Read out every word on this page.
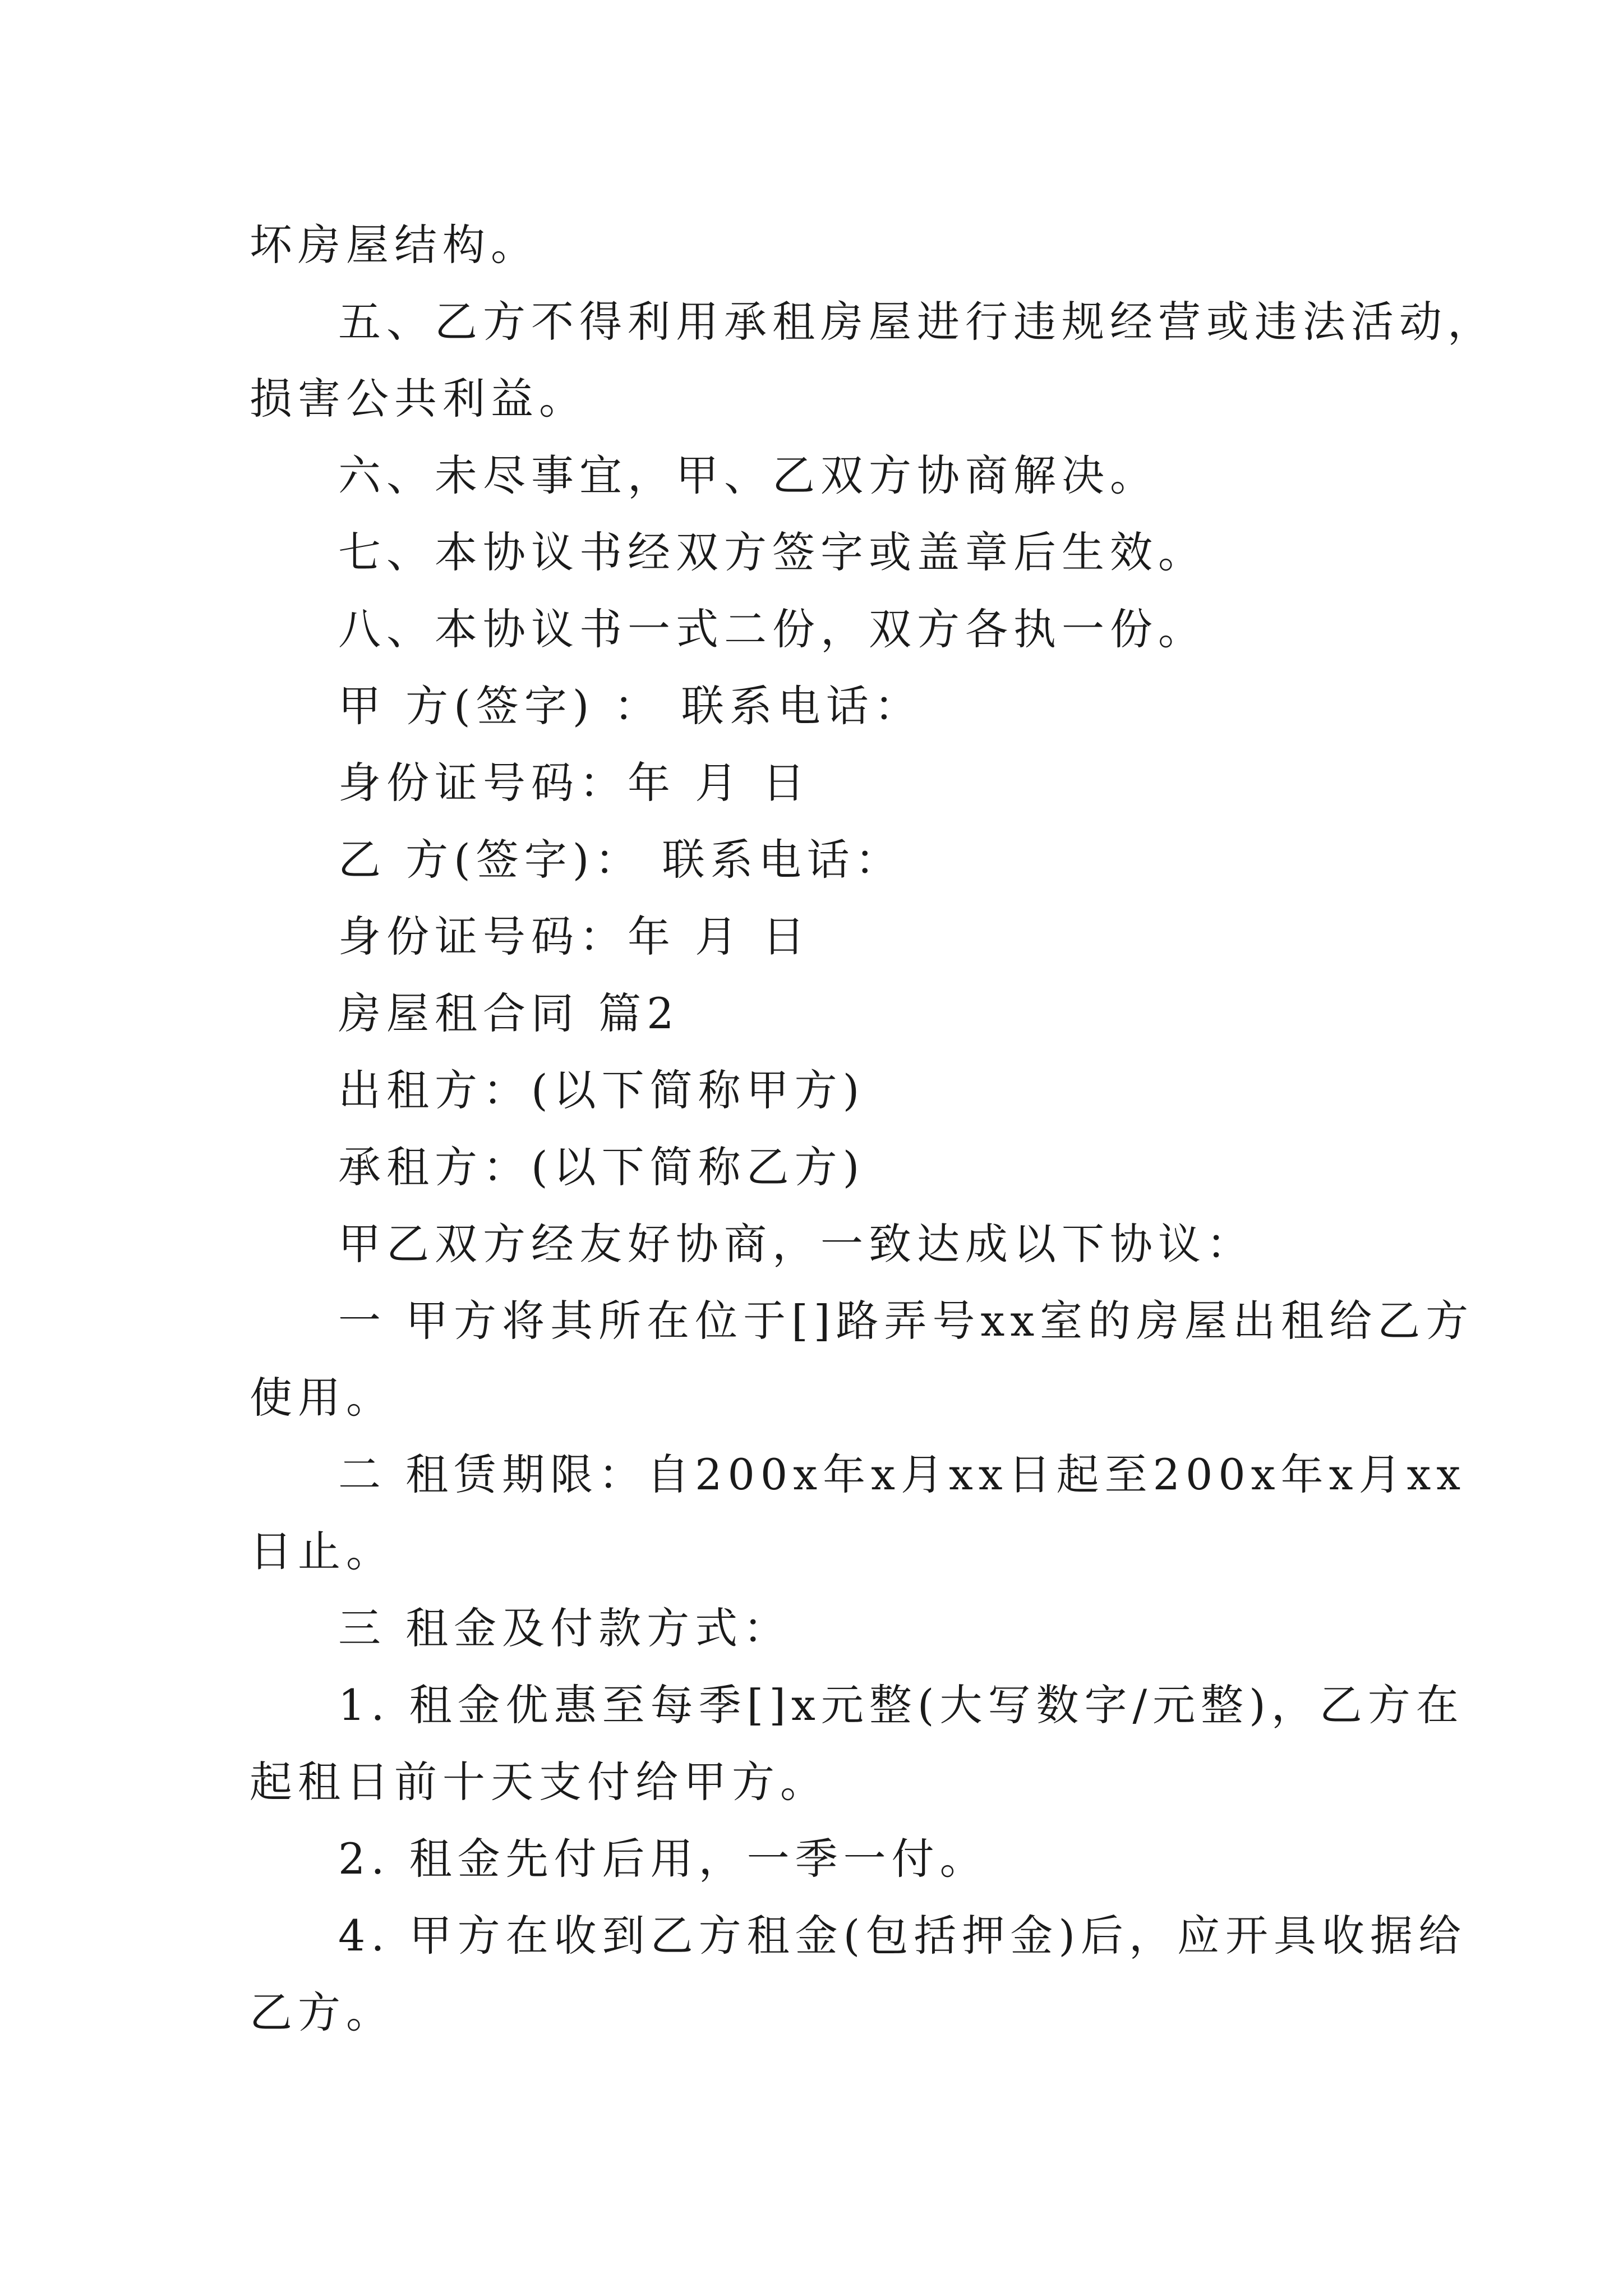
坏房屋结构。
五、乙方不得利用承租房屋进行违规经营或违法活动，
损害公共利益。
六、未尽事宜，甲、乙双方协商解决。
七、本协议书经双方签字或盖章后生效。
八、本协议书一式二份，双方各执一份。
甲 方(签字) ： 联系电话：
身份证号码：年 月 日
乙 方(签字)： 联系电话：
身份证号码：年 月 日
房屋租合同 篇2
出租方：(以下简称甲方)
承租方：(以下简称乙方)
甲乙双方经友好协商，一致达成以下协议：
一 甲方将其所在位于[]路弄号xx室的房屋出租给乙方
使用。
二 租赁期限：自200x年x月xx日起至200x年x月xx
日止。
三 租金及付款方式：
1. 租金优惠至每季[]x元整(大写数字/元整)，乙方在
起租日前十天支付给甲方。
2. 租金先付后用，一季一付。
4. 甲方在收到乙方租金(包括押金)后，应开具收据给
乙方。
